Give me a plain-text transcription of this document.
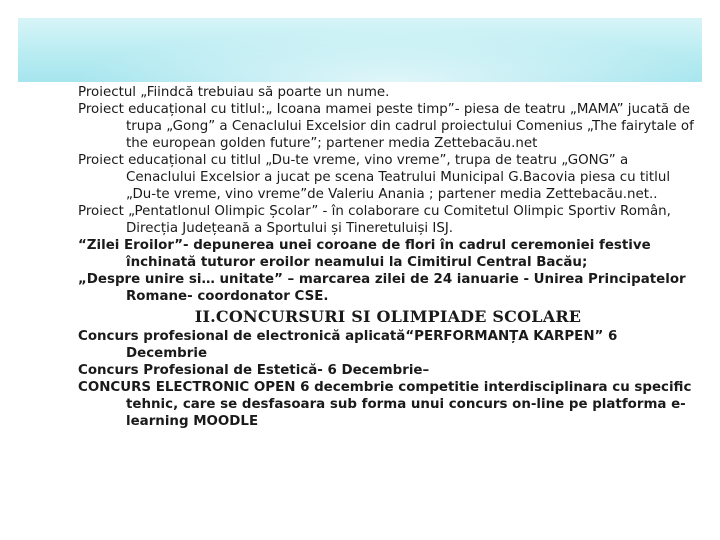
Proiectul „Fiindcă trebuiau să poarte un nume.

Proiect educațional cu titlul:„ Icoana mamei peste timp”- piesa de teatru „MAMA” jucată de trupa „Gong” a Cenaclului Excelsior din cadrul proiectului Comenius „The fairytale of the european golden future”; partener media Zettebacău.net

Proiect educațional cu titlul „Du-te vreme, vino vreme”, trupa de teatru „GONG” a Cenaclului Excelsior a jucat pe scena Teatrului Municipal G.Bacovia piesa cu titlul „Du-te vreme, vino vreme”de Valeriu Anania ; partener media Zettebacău.net..

Proiect „Pentatlonul Olimpic Școlar” - în colaborare cu Comitetul Olimpic Sportiv Român, Direcția Județeană a Sportului și Tineretuluiși ISJ.

“Zilei Eroilor”- depunerea unei coroane de flori în cadrul ceremoniei festive închinată tuturor eroilor neamului la Cimitirul Central Bacău;

„Despre unire si… unitate” – marcarea zilei de 24 ianuarie - Unirea Principatelor Romane- coordonator CSE.

II.CONCURSURI SI OLIMPIADE SCOLARE

Concurs profesional de electronică aplicată“PERFORMANȚA KARPEN” 6 Decembrie

Concurs Profesional de Estetică- 6 Decembrie–

CONCURS ELECTRONIC OPEN 6 decembrie competitie interdisciplinara cu specific tehnic, care se desfasoara sub forma unui concurs on-line pe platforma e-learning MOODLE
